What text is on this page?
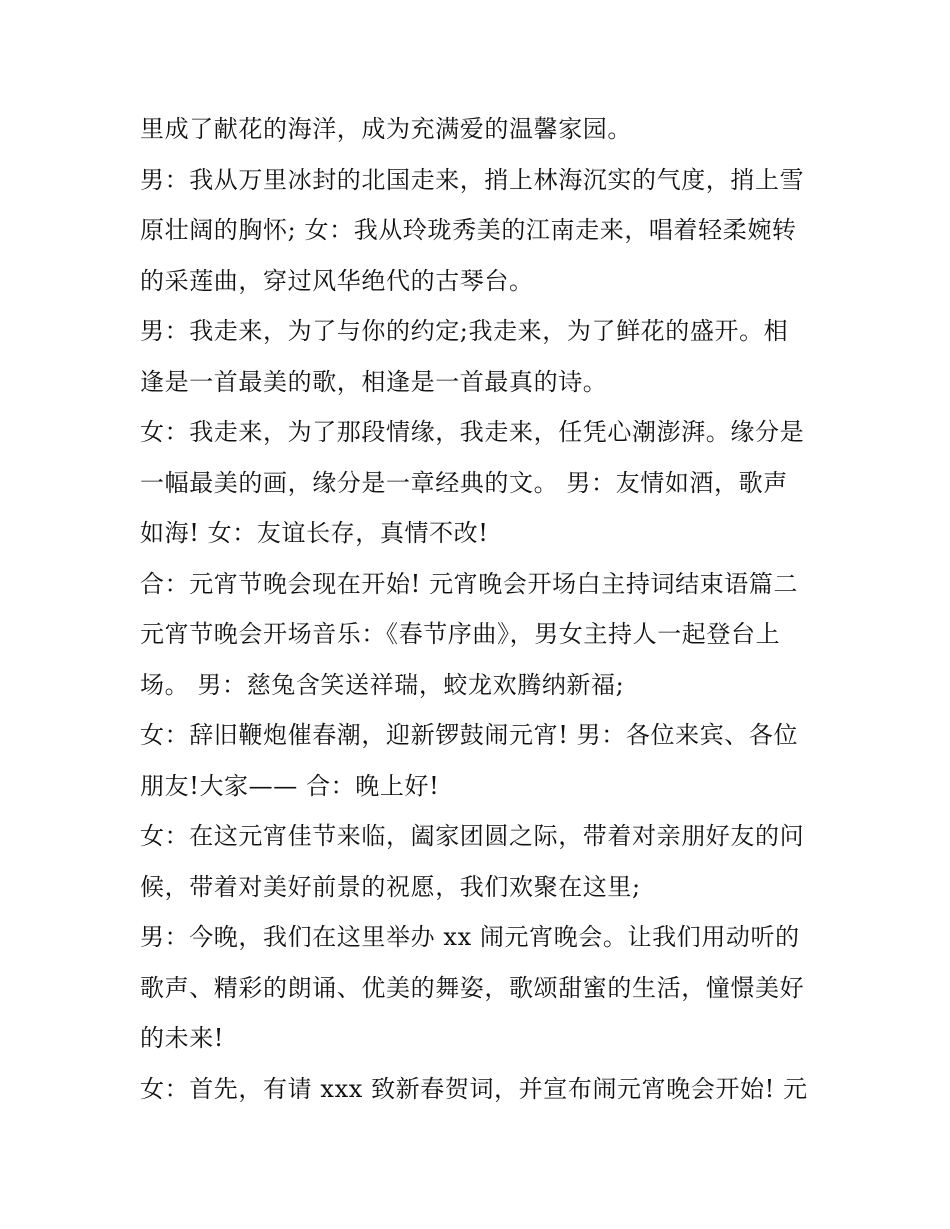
里成了献花的海洋，成为充满爱的温馨家园。
男：我从万里冰封的北国走来，捎上林海沉实的气度，捎上雪
原壮阔的胸怀; 女：我从玲珑秀美的江南走来，唱着轻柔婉转
的采莲曲，穿过风华绝代的古琴台。
男：我走来，为了与你的约定;我走来，为了鲜花的盛开。相
逢是一首最美的歌，相逢是一首最真的诗。
女：我走来，为了那段情缘，我走来，任凭心潮澎湃。缘分是
一幅最美的画，缘分是一章经典的文。 男：友情如酒，歌声
如海! 女：友谊长存，真情不改!
合：元宵节晚会现在开始! 元宵晚会开场白主持词结束语篇二
元宵节晚会开场音乐：《春节序曲》，男女主持人一起登台上
场。 男：慈兔含笑送祥瑞，蛟龙欢腾纳新福;
女：辞旧鞭炮催春潮，迎新锣鼓闹元宵! 男：各位来宾、各位
朋友!大家—— 合：晚上好!
女：在这元宵佳节来临，阖家团圆之际，带着对亲朋好友的问
候，带着对美好前景的祝愿，我们欢聚在这里;
男：今晚，我们在这里举办 xx 闹元宵晚会。让我们用动听的
歌声、精彩的朗诵、优美的舞姿，歌颂甜蜜的生活，憧憬美好
的未来!
女：首先，有请 xxx 致新春贺词，并宣布闹元宵晚会开始! 元
